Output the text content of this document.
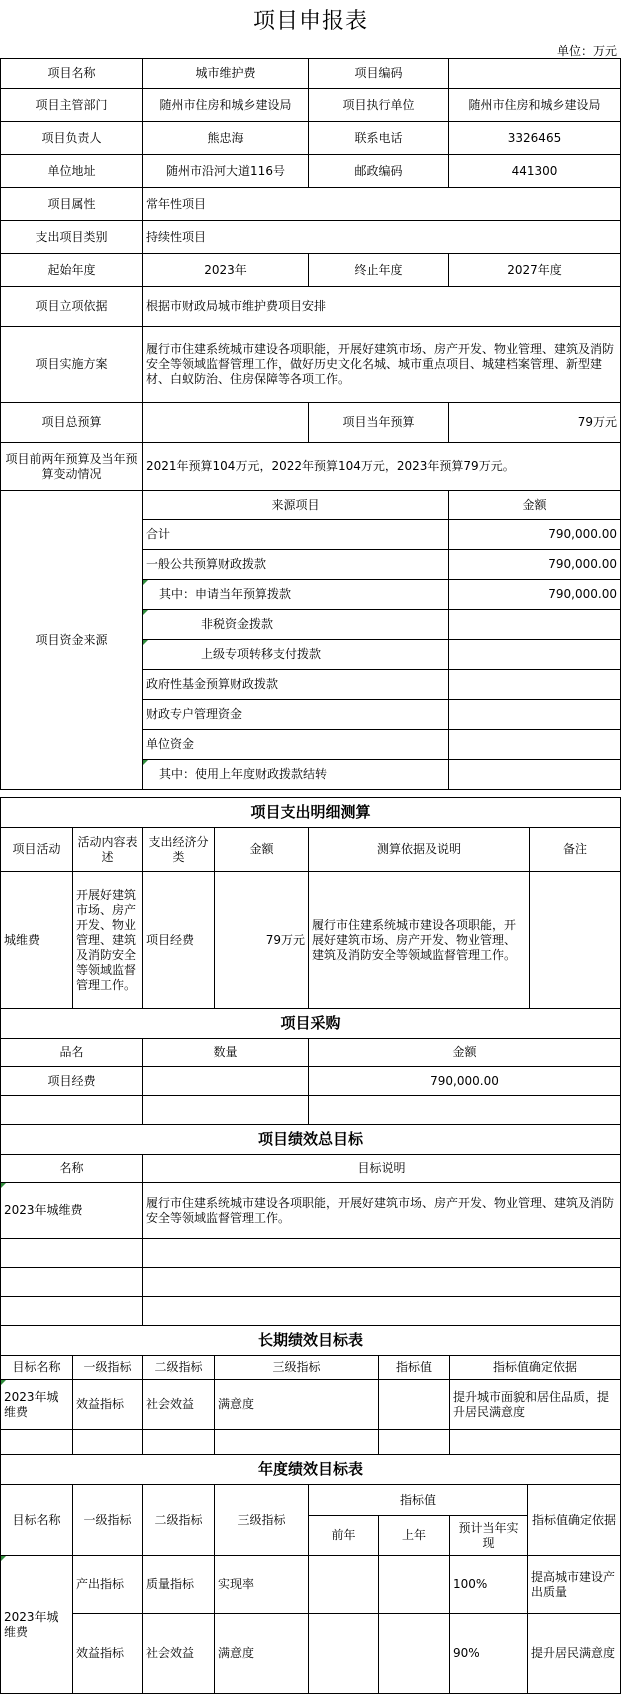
项目申报表
单位：万元
项目名称	城市维护费	项目编码	
项目主管部门	随州市住房和城乡建设局	项目执行单位	随州市住房和城乡建设局
项目负责人	熊忠海	联系电话	3326465
单位地址	随州市沿河大道116号	邮政编码	441300
项目属性	常年性项目		
支出项目类别	持续性项目		
起始年度	2023年	终止年度	2027年度
项目立项依据	根据市财政局城市维护费项目安排		
项目实施方案	履行市住建系统城市建设各项职能，开展好建筑市场、房产开发、物业管理、建筑及消防安全等领域监督管理工作，做好历史文化名城、城市重点项目、城建档案管理、新型建材、白蚁防治、住房保障等各项工作。		
项目总预算		项目当年预算	79万元
项目前两年预算及当年预算变动情况	2021年预算104万元，2022年预算104万元，2023年预算79万元。		
项目资金来源	来源项目		金额
	合计		790,000.00
	一般公共预算财政拨款		790,000.00
	其中：申请当年预算拨款		790,000.00
	非税资金拨款		
	上级专项转移支付拨款		
	政府性基金预算财政拨款		
	财政专户管理资金		
	单位资金		
	其中：使用上年度财政拨款结转		
项目支出明细测算					
项目活动	活动内容表述	支出经济分类	金额	测算依据及说明	备注
城维费	开展好建筑市场、房产开发、物业管理、建筑及消防安全等领域监督管理工作。	项目经费	79万元	履行市住建系统城市建设各项职能，开展好建筑市场、房产开发、物业管理、建筑及消防安全等领域监督管理工作。	
项目采购		
品名	数量	金额
项目经费		790,000.00

项目绩效总目标	
名称	目标说明
2023年城维费	履行市住建系统城市建设各项职能，开展好建筑市场、房产开发、物业管理、建筑及消防安全等领域监督管理工作。

长期绩效目标表					
目标名称	一级指标	二级指标	三级指标	指标值	指标值确定依据
2023年城维费	效益指标	社会效益	满意度		提升城市面貌和居住品质，提升居民满意度

年度绩效目标表							
目标名称	一级指标	二级指标	三级指标	指标值			指标值确定依据
				前年	上年	预计当年实现	
2023年城维费	产出指标	质量指标	实现率			100%	提高城市建设产出质量
	效益指标	社会效益	满意度			90%	提升居民满意度
